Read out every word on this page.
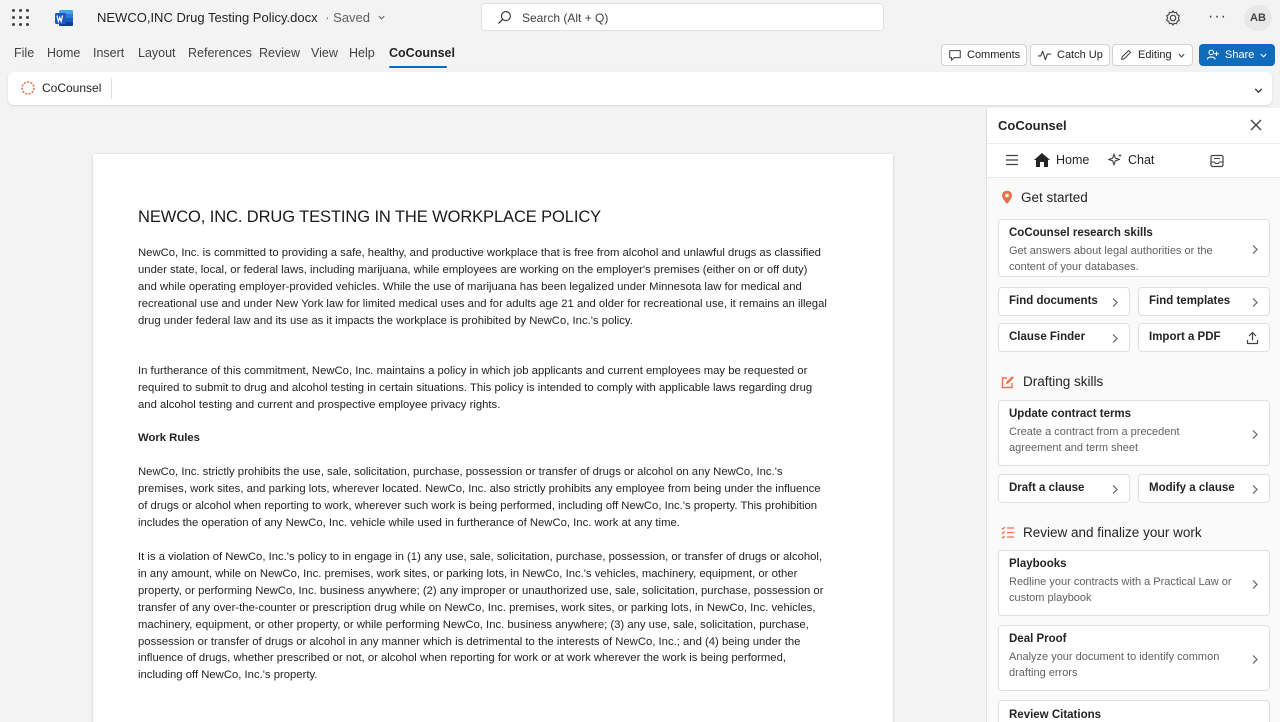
NEWCO,INC Drug Testing Policy.docx · Saved	Search (Alt + Q)	···	AB
File Home Insert Layout References Review View Help CoCounsel	Comments	Catch Up	Editing	Share
CoCounsel
NEWCO, INC. DRUG TESTING IN THE WORKPLACE POLICY
NewCo, Inc. is committed to providing a safe, healthy, and productive workplace that is free from alcohol and unlawful drugs as classified under state, local, or federal laws, including marijuana, while employees are working on the employer's premises (either on or off duty) and while operating employer-provided vehicles. While the use of marijuana has been legalized under Minnesota law for medical and recreational use and under New York law for limited medical uses and for adults age 21 and older for recreational use, it remains an illegal drug under federal law and its use as it impacts the workplace is prohibited by NewCo, Inc.'s policy.
In furtherance of this commitment, NewCo, Inc. maintains a policy in which job applicants and current employees may be requested or required to submit to drug and alcohol testing in certain situations. This policy is intended to comply with applicable laws regarding drug and alcohol testing and current and prospective employee privacy rights.
Work Rules
NewCo, Inc. strictly prohibits the use, sale, solicitation, purchase, possession or transfer of drugs or alcohol on any NewCo, Inc.'s premises, work sites, and parking lots, wherever located. NewCo, Inc. also strictly prohibits any employee from being under the influence of drugs or alcohol when reporting to work, wherever such work is being performed, including off NewCo, Inc.'s property. This prohibition includes the operation of any NewCo, Inc. vehicle while used in furtherance of NewCo, Inc. work at any time.
It is a violation of NewCo, Inc.'s policy to in engage in (1) any use, sale, solicitation, purchase, possession, or transfer of drugs or alcohol, in any amount, while on NewCo, Inc. premises, work sites, or parking lots, in NewCo, Inc.'s vehicles, machinery, equipment, or other property, or performing NewCo, Inc. business anywhere; (2) any improper or unauthorized use, sale, solicitation, purchase, possession or transfer of any over-the-counter or prescription drug while on NewCo, Inc. premises, work sites, or parking lots, in NewCo, Inc. vehicles, machinery, equipment, or other property, or while performing NewCo, Inc. business anywhere; (3) any use, sale, solicitation, purchase, possession or transfer of drugs or alcohol in any manner which is detrimental to the interests of NewCo, Inc.; and (4) being under the influence of drugs, whether prescribed or not, or alcohol when reporting for work or at work wherever the work is being performed, including off NewCo, Inc.'s property.
CoCounsel
Home	Chat
Get started
CoCounsel research skills
Get answers about legal authorities or the content of your databases.
Find documents	Find templates
Clause Finder	Import a PDF
Drafting skills
Update contract terms
Create a contract from a precedent agreement and term sheet
Draft a clause	Modify a clause
Review and finalize your work
Playbooks
Redline your contracts with a Practical Law or custom playbook
Deal Proof
Analyze your document to identify common drafting errors
Review Citations
